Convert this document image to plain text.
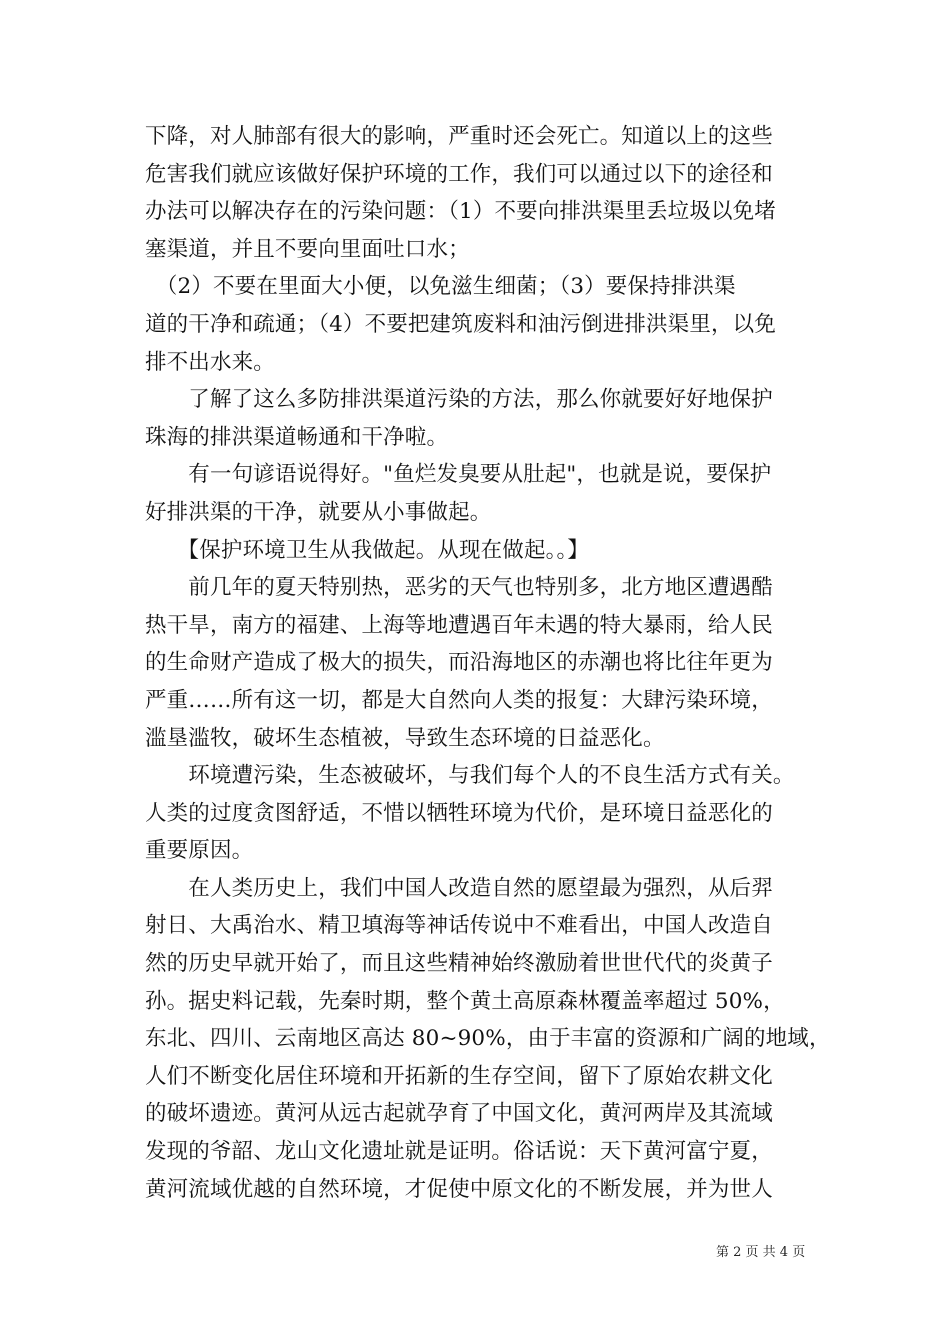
下降，对人肺部有很大的影响，严重时还会死亡。知道以上的这些
危害我们就应该做好保护环境的工作，我们可以通过以下的途径和
办法可以解决存在的污染问题：（1）不要向排洪渠里丢垃圾以免堵
塞渠道，并且不要向里面吐口水；
　（2）不要在里面大小便，以免滋生细菌；（3）要保持排洪渠
道的干净和疏通；（4）不要把建筑废料和油污倒进排洪渠里，以免
排不出水来。
　　了解了这么多防排洪渠道污染的方法，那么你就要好好地保护
珠海的排洪渠道畅通和干净啦。
　　有一句谚语说得好。"鱼烂发臭要从肚起"，也就是说，要保护
好排洪渠的干净，就要从小事做起。
　　【保护环境卫生从我做起。从现在做起。。】
　　前几年的夏天特别热，恶劣的天气也特别多，北方地区遭遇酷
热干旱，南方的福建、上海等地遭遇百年未遇的特大暴雨，给人民
的生命财产造成了极大的损失，而沿海地区的赤潮也将比往年更为
严重……所有这一切，都是大自然向人类的报复：大肆污染环境，
滥垦滥牧，破坏生态植被，导致生态环境的日益恶化。
　　环境遭污染，生态被破坏，与我们每个人的不良生活方式有关。
人类的过度贪图舒适，不惜以牺牲环境为代价，是环境日益恶化的
重要原因。
　　在人类历史上，我们中国人改造自然的愿望最为强烈，从后羿
射日、大禹治水、精卫填海等神话传说中不难看出，中国人改造自
然的历史早就开始了，而且这些精神始终激励着世世代代的炎黄子
孙。据史料记载，先秦时期，整个黄土高原森林覆盖率超过 50%，
东北、四川、云南地区高达 80~90%，由于丰富的资源和广阔的地域，
人们不断变化居住环境和开拓新的生存空间，留下了原始农耕文化
的破坏遗迹。黄河从远古起就孕育了中国文化，黄河两岸及其流域
发现的爷韶、龙山文化遗址就是证明。俗话说：天下黄河富宁夏，
黄河流域优越的自然环境，才促使中原文化的不断发展，并为世人
第 2 页 共 4 页
